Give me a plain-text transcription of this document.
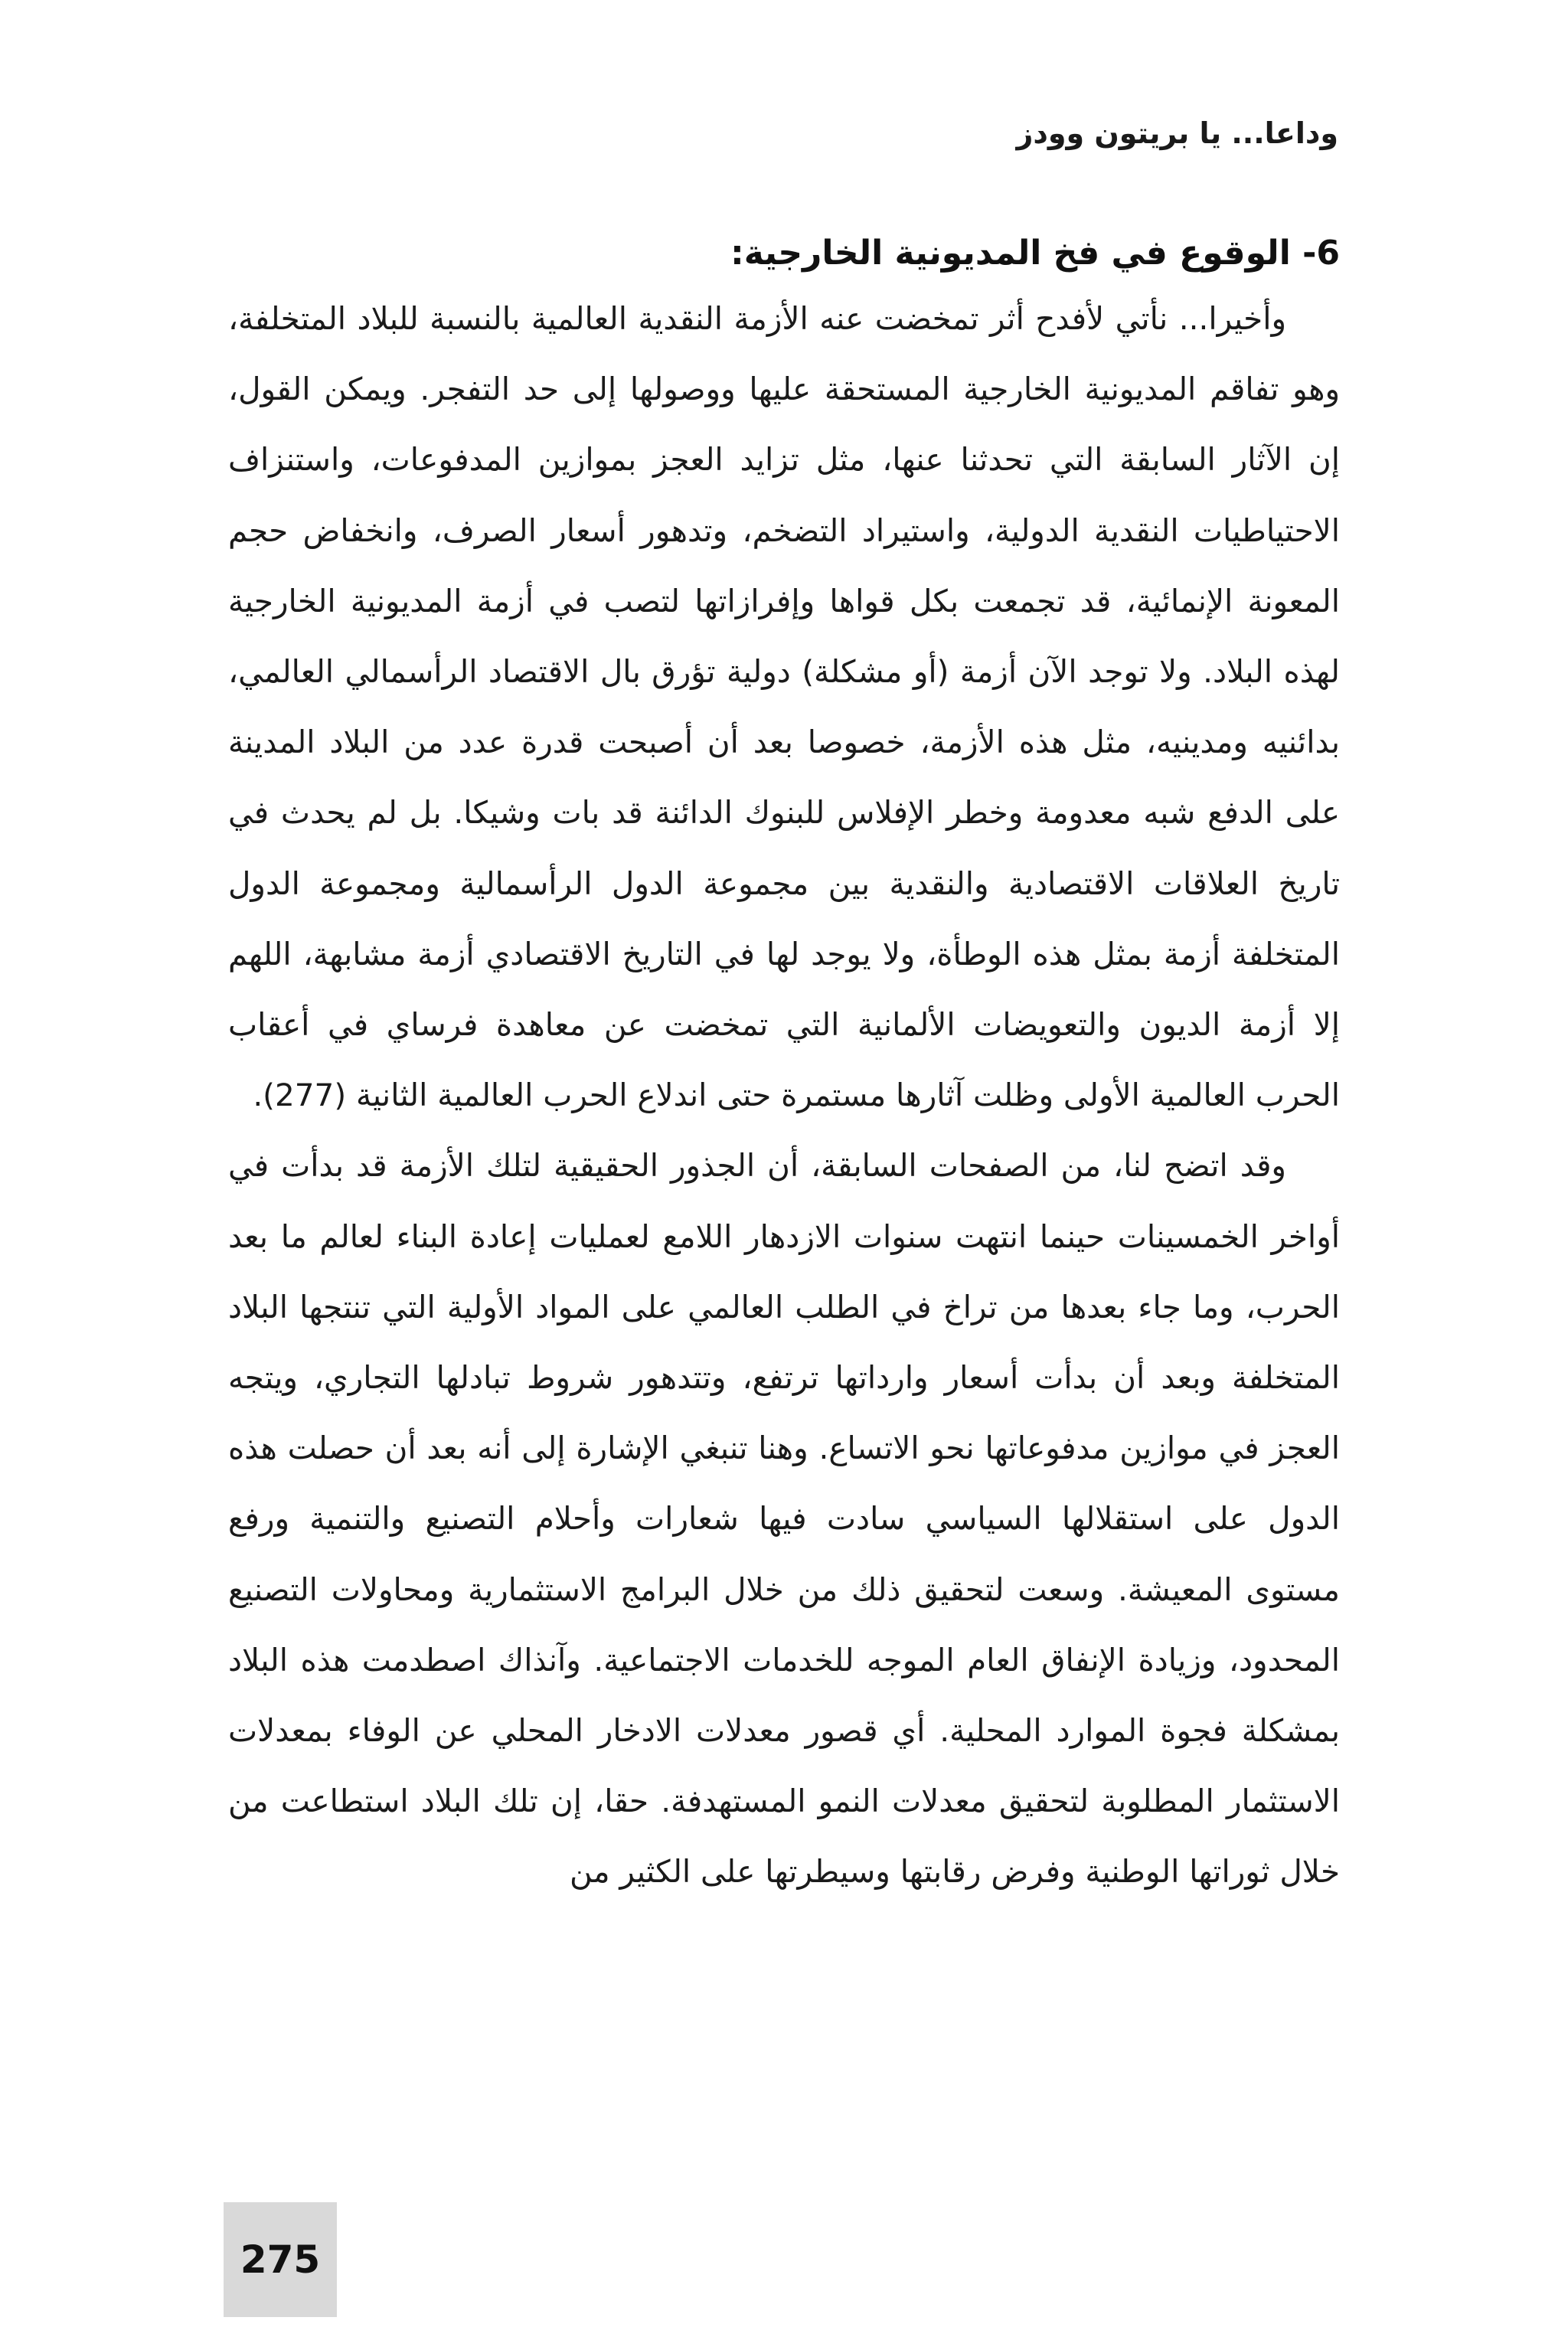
وداعا... يا بريتون وودز
6- الوقوع في فخ المديونية الخارجية:

وأخيرا... نأتي لأفدح أثر تمخضت عنه الأزمة النقدية العالمية بالنسبة للبلاد المتخلفة، وهو تفاقم المديونية الخارجية المستحقة عليها ووصولها إلى حد التفجر. ويمكن القول، إن الآثار السابقة التي تحدثنا عنها، مثل تزايد العجز بموازين المدفوعات، واستنزاف الاحتياطيات النقدية الدولية، واستيراد التضخم، وتدهور أسعار الصرف، وانخفاض حجم المعونة الإنمائية، قد تجمعت بكل قواها وإفرازاتها لتصب في أزمة المديونية الخارجية لهذه البلاد. ولا توجد الآن أزمة (أو مشكلة) دولية تؤرق بال الاقتصاد الرأسمالي العالمي، بدائنيه ومدينيه، مثل هذه الأزمة، خصوصا بعد أن أصبحت قدرة عدد من البلاد المدينة على الدفع شبه معدومة وخطر الإفلاس للبنوك الدائنة قد بات وشيكا. بل لم يحدث في تاريخ العلاقات الاقتصادية والنقدية بين مجموعة الدول الرأسمالية ومجموعة الدول المتخلفة أزمة بمثل هذه الوطأة، ولا يوجد لها في التاريخ الاقتصادي أزمة مشابهة، اللهم إلا أزمة الديون والتعويضات الألمانية التي تمخضت عن معاهدة فرساي في أعقاب الحرب العالمية الأولى وظلت آثارها مستمرة حتى اندلاع الحرب العالمية الثانية (277).

وقد اتضح لنا، من الصفحات السابقة، أن الجذور الحقيقية لتلك الأزمة قد بدأت في أواخر الخمسينات حينما انتهت سنوات الازدهار اللامع لعمليات إعادة البناء لعالم ما بعد الحرب، وما جاء بعدها من تراخ في الطلب العالمي على المواد الأولية التي تنتجها البلاد المتخلفة وبعد أن بدأت أسعار وارداتها ترتفع، وتتدهور شروط تبادلها التجاري، ويتجه العجز في موازين مدفوعاتها نحو الاتساع. وهنا تنبغي الإشارة إلى أنه بعد أن حصلت هذه الدول على استقلالها السياسي سادت فيها شعارات وأحلام التصنيع والتنمية ورفع مستوى المعيشة. وسعت لتحقيق ذلك من خلال البرامج الاستثمارية ومحاولات التصنيع المحدود، وزيادة الإنفاق العام الموجه للخدمات الاجتماعية. وآنذاك اصطدمت هذه البلاد بمشكلة فجوة الموارد المحلية. أي قصور معدلات الادخار المحلي عن الوفاء بمعدلات الاستثمار المطلوبة لتحقيق معدلات النمو المستهدفة. حقا، إن تلك البلاد استطاعت من خلال ثوراتها الوطنية وفرض رقابتها وسيطرتها على الكثير من

275
